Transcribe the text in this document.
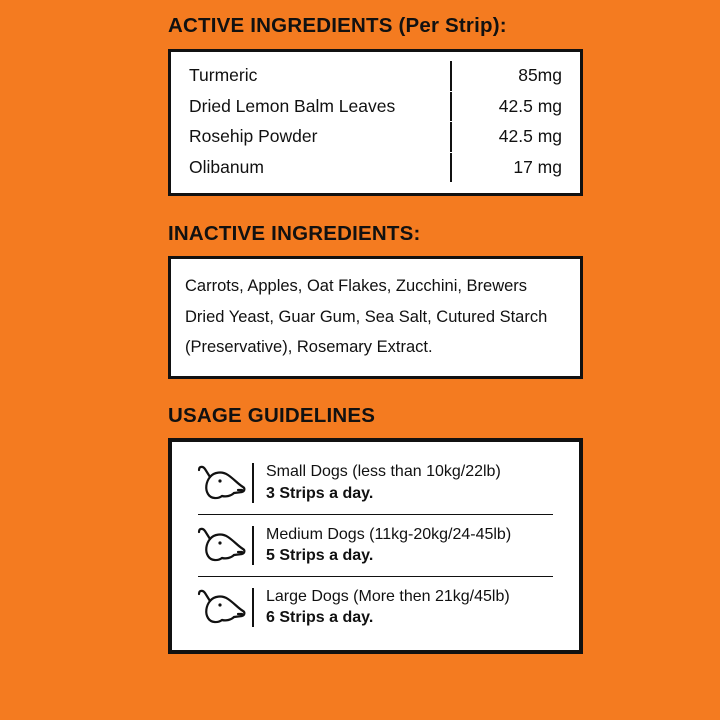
ACTIVE INGREDIENTS (Per Strip):
Turmeric	85mg
Dried Lemon Balm Leaves	42.5 mg
Rosehip Powder	42.5 mg
Olibanum	17 mg
INACTIVE INGREDIENTS:
Carrots, Apples, Oat Flakes, Zucchini, Brewers Dried Yeast, Guar Gum, Sea Salt, Cutured Starch (Preservative), Rosemary Extract.
USAGE GUIDELINES
Small Dogs (less than 10kg/22lb)
3 Strips a day.
Medium Dogs (11kg-20kg/24-45lb)
5 Strips a day.
Large Dogs (More then 21kg/45lb)
6 Strips a day.
